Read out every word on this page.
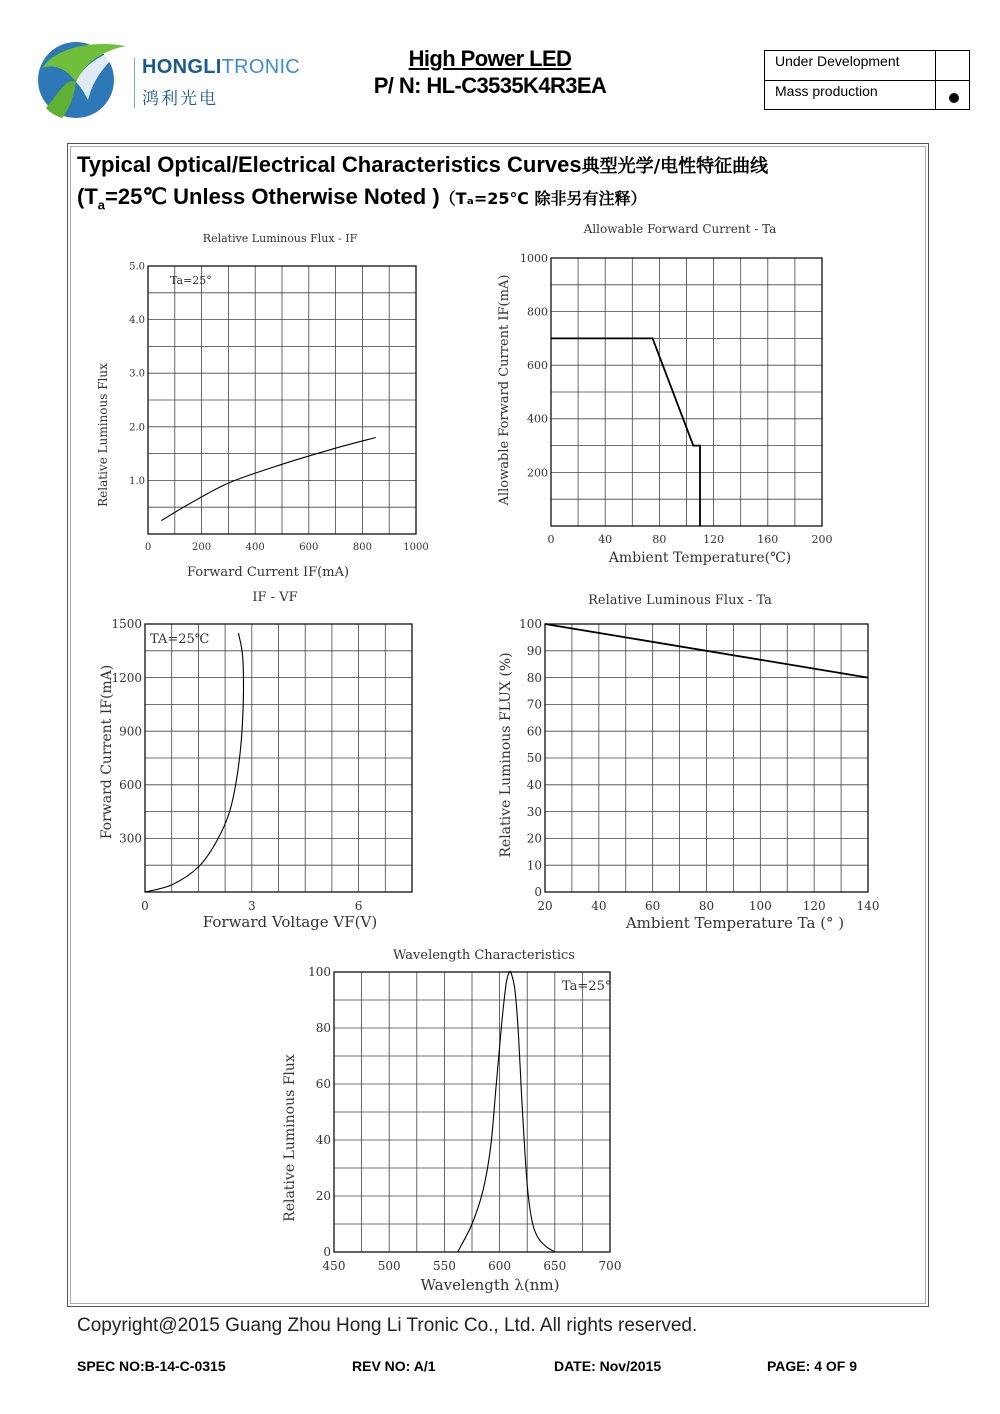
HONGLITRONIC
鸿利光电
High Power LED
P/ N: HL-C3535K4R3EA
Under Development
Mass production
Typical Optical/Electrical Characteristics Curves典型光学/电性特征曲线
($T_a=25℃$ Unless Otherwise Noted )（Tₐ=25℃ 除非另有注释）
Relative Luminous Flux - IF
Forward Current IF(mA)
Relative Luminous Flux
0	200	400	600	800	1000
1.0
2.0
3.0
4.0
5.0
Ta=25°
Allowable Forward Current - Ta
Ambient Temperature(℃)
Allowable Forward Current IF(mA)
0	40	80	120	160	200
200
400
600
800
1000
IF - VF
Forward Voltage VF(V)
Forward Current IF(mA)
0	3	6
300
600
900
1200
1500
TA=25℃
Relative Luminous Flux - Ta
Ambient Temperature Ta (° )
Relative Luminous FLUX (%)
20	40	60	80	100	120	140
0
10
20
30
40
50
60
70
80
90
100
Wavelength Characteristics
Wavelength λ(nm)
Relative Luminous Flux
450	500	550	600	650	700
0
20
40
60
80
100
Ta=25°
Copyright@2015 Guang Zhou Hong Li Tronic Co., Ltd. All rights reserved.
SPEC NO:B-14-C-0315	REV NO: A/1	DATE: Nov/2015	PAGE: 4 OF 9
